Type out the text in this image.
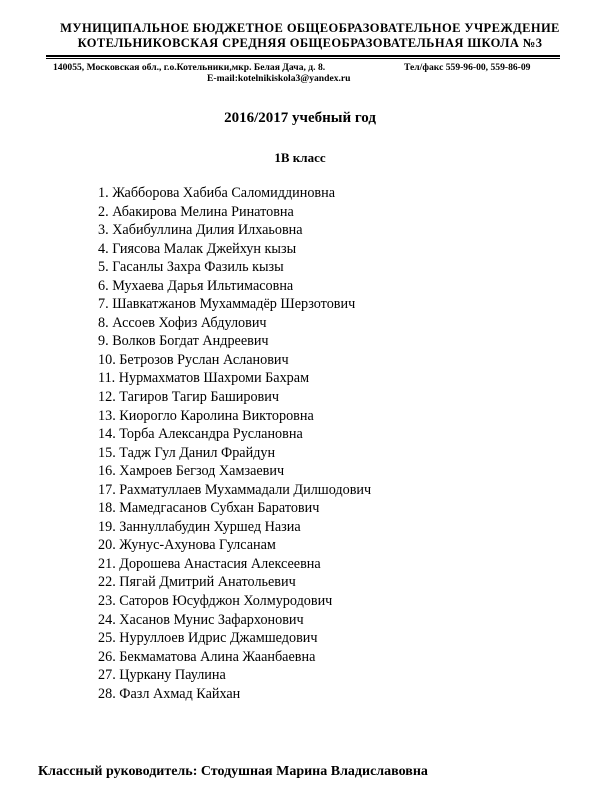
МУНИЦИПАЛЬНОЕ БЮДЖЕТНОЕ ОБЩЕОБРАЗОВАТЕЛЬНОЕ УЧРЕЖДЕНИЕ
КОТЕЛЬНИКОВСКАЯ СРЕДНЯЯ ОБЩЕОБРАЗОВАТЕЛЬНАЯ ШКОЛА №3
140055, Московская обл., г.о.Котельники,мкр. Белая Дача, д. 8.	Тел/факс 559-96-00, 559-86-09
E-mail:kotelnikiskola3@yandex.ru
2016/2017 учебный год
1В класс
1. Жабборова Хабиба Саломиддиновна
2. Абакирова Мелина Ринатовна
3. Хабибуллина Дилия Илхаьовна
4. Гиясова Малак Джейхун кызы
5. Гасанлы Захра Фазиль кызы
6. Мухаева Дарья Ильтимасовна
7. Шавкатжанов Мухаммадёр Шерзотович
8. Ассоев Хофиз Абдулович
9. Волков Богдат Андреевич
10. Бетрозов Руслан Асланович
11. Нурмахматов Шахроми Бахрам
12. Тагиров Тагир Баширович
13. Киорогло Каролина Викторовна
14. Торба Александра Руслановна
15. Тадж Гул Данил Фрайдун
16. Хамроев Бегзод Хамзаевич
17. Рахматуллаев Мухаммадали Дилшодович
18. Мамедгасанов Субхан Баратович
19. Заннуллабудин Хуршед Назиа
20. Жунус-Ахунова Гулсанам
21. Дорошева Анастасия Алексеевна
22. Пягай Дмитрий Анатольевич
23. Саторов Юсуфджон Холмуродович
24. Хасанов Мунис Зафархонович
25. Нуруллоев Идрис Джамшедович
26. Бекмаматова Алина Жаанбаевна
27. Цуркану Паулина
28. Фазл Ахмад Кайхан
Классный руководитель: Стодушная Марина Владиславовна
